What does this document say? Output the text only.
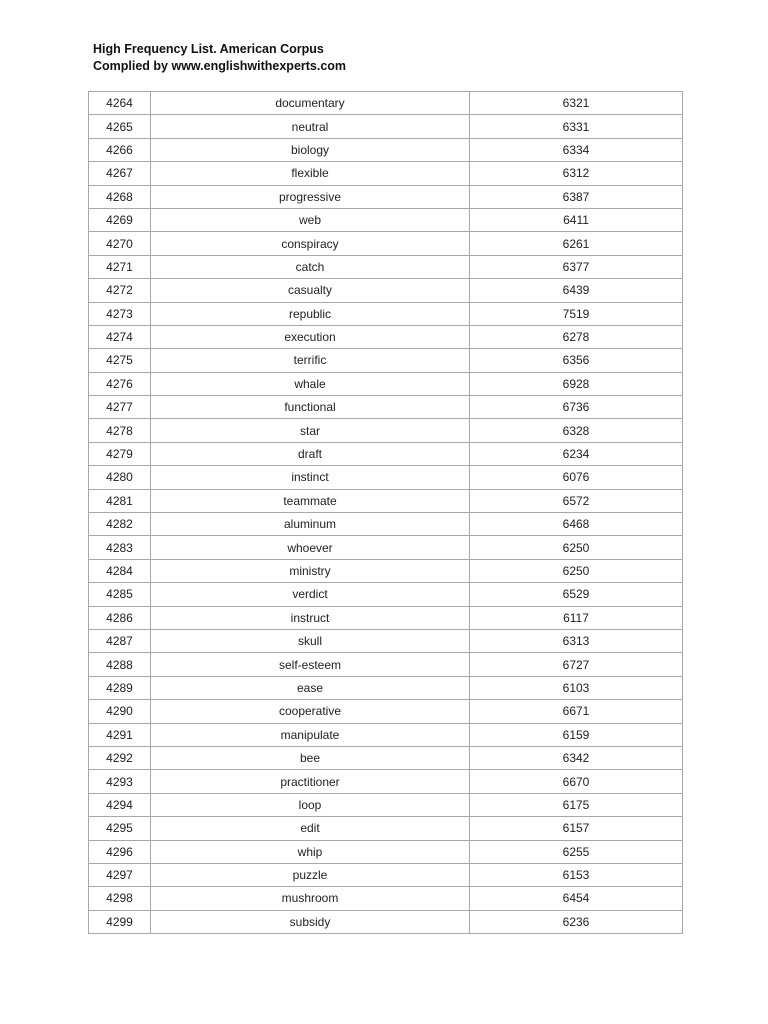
High Frequency List. American Corpus
Complied by www.englishwithexperts.com
4264	documentary	6321
4265	neutral	6331
4266	biology	6334
4267	flexible	6312
4268	progressive	6387
4269	web	6411
4270	conspiracy	6261
4271	catch	6377
4272	casualty	6439
4273	republic	7519
4274	execution	6278
4275	terrific	6356
4276	whale	6928
4277	functional	6736
4278	star	6328
4279	draft	6234
4280	instinct	6076
4281	teammate	6572
4282	aluminum	6468
4283	whoever	6250
4284	ministry	6250
4285	verdict	6529
4286	instruct	6117
4287	skull	6313
4288	self-esteem	6727
4289	ease	6103
4290	cooperative	6671
4291	manipulate	6159
4292	bee	6342
4293	practitioner	6670
4294	loop	6175
4295	edit	6157
4296	whip	6255
4297	puzzle	6153
4298	mushroom	6454
4299	subsidy	6236
